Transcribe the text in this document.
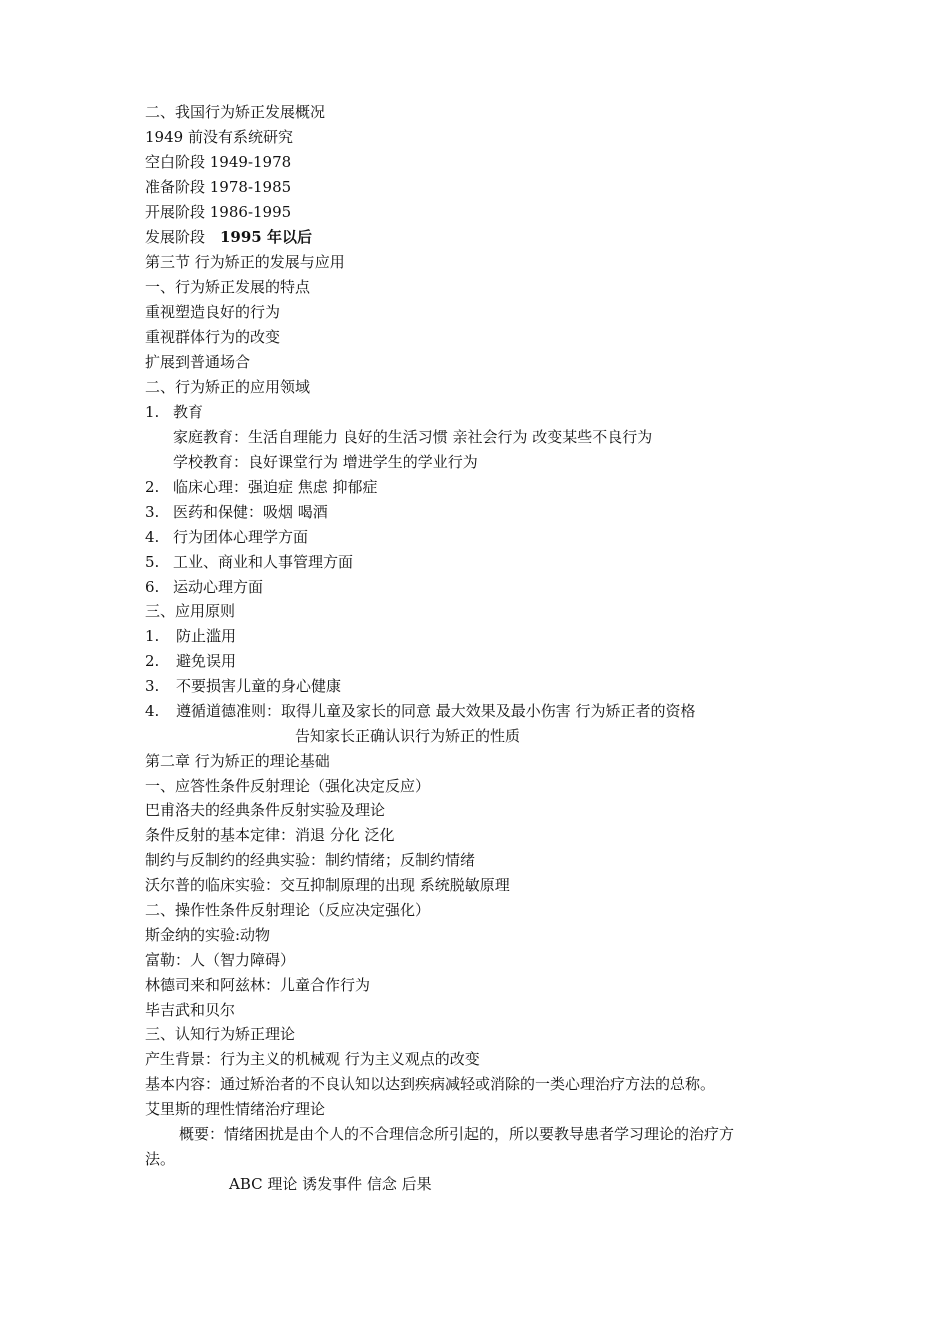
二、我国行为矫正发展概况
1949 前没有系统研究
空白阶段 1949-1978
准备阶段 1978-1985
开展阶段 1986-1995
发展阶段 1995 年以后
第三节 行为矫正的发展与应用
一、行为矫正发展的特点
重视塑造良好的行为
重视群体行为的改变
扩展到普通场合
二、行为矫正的应用领域
1. 教育
家庭教育：生活自理能力 良好的生活习惯 亲社会行为 改变某些不良行为
学校教育：良好课堂行为 增进学生的学业行为
2. 临床心理：强迫症 焦虑 抑郁症
3. 医药和保健：吸烟 喝酒
4. 行为团体心理学方面
5. 工业、商业和人事管理方面
6. 运动心理方面
三、应用原则
1. 防止滥用
2. 避免误用
3. 不要损害儿童的身心健康
4. 遵循道德准则：取得儿童及家长的同意 最大效果及最小伤害 行为矫正者的资格
告知家长正确认识行为矫正的性质
第二章 行为矫正的理论基础
一、应答性条件反射理论（强化决定反应）
巴甫洛夫的经典条件反射实验及理论
条件反射的基本定律：消退 分化 泛化
制约与反制约的经典实验：制约情绪；反制约情绪
沃尔普的临床实验：交互抑制原理的出现 系统脱敏原理
二、操作性条件反射理论（反应决定强化）
斯金纳的实验:动物
富勒：人（智力障碍）
林德司来和阿兹林：儿童合作行为
毕吉武和贝尔
三、认知行为矫正理论
产生背景：行为主义的机械观 行为主义观点的改变
基本内容：通过矫治者的不良认知以达到疾病减轻或消除的一类心理治疗方法的总称。
艾里斯的理性情绪治疗理论
概要：情绪困扰是由个人的不合理信念所引起的，所以要教导患者学习理论的治疗方
法。
ABC 理论 诱发事件 信念 后果
